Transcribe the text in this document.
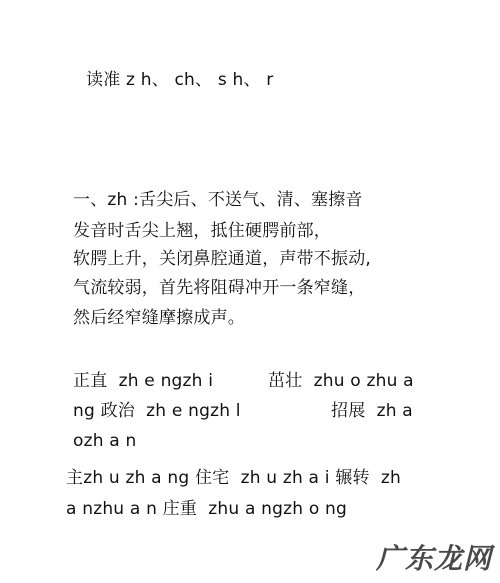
读准 z h、 ch、 s h、 r
一、zh :舌尖后、不送气、清、塞擦音
发音时舌尖上翘，抵住硬腭前部，
软腭上升，关闭鼻腔通道，声带不振动,
气流较弱，首先将阻碍冲开一条窄缝，
然后经窄缝摩擦成声。
正直  zh e ngzh i	茁壮  zhu o zhu a
ng 政治  zh e ngzh l	招展  zh a
ozh a n
主zh u zh a ng 住宅  zh u zh a i 辗转  zh
a nzhu a n 庄重  zhu a ngzh o ng
广东龙网
